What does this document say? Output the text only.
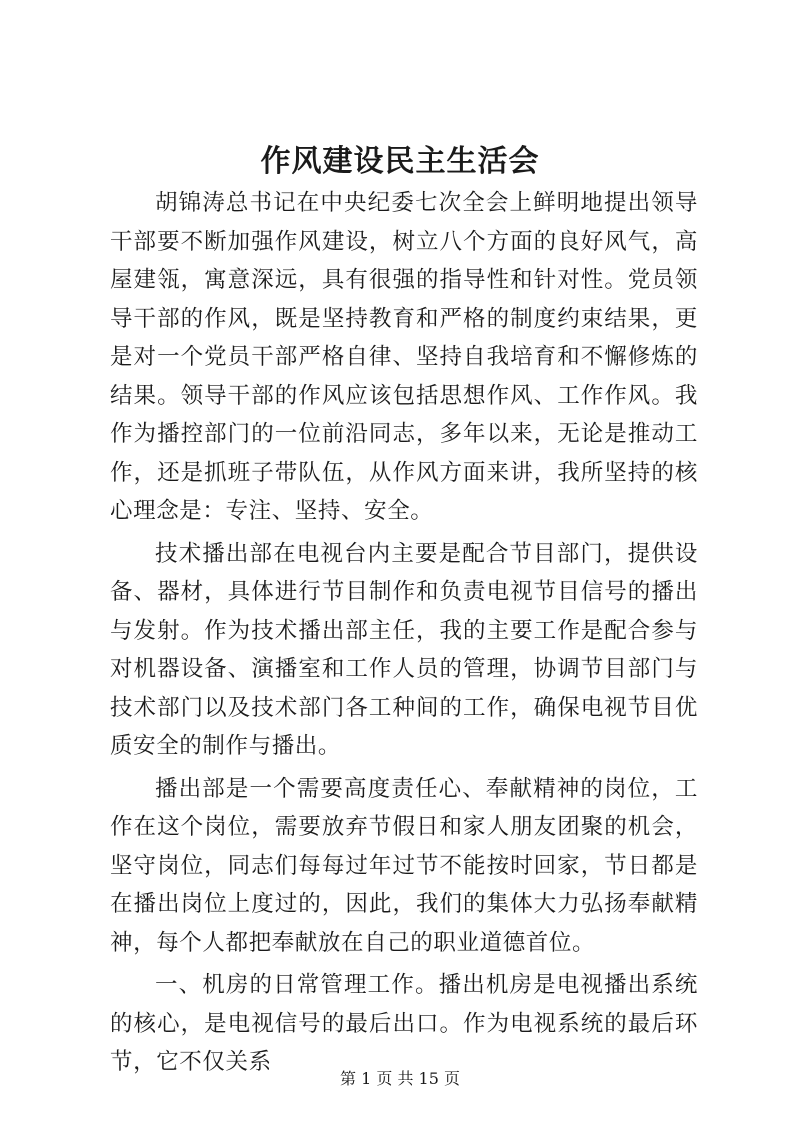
作风建设民主生活会

胡锦涛总书记在中央纪委七次全会上鲜明地提出领导干部要不断加强作风建设，树立八个方面的良好风气，高屋建瓴，寓意深远，具有很强的指导性和针对性。党员领导干部的作风，既是坚持教育和严格的制度约束结果，更是对一个党员干部严格自律、坚持自我培育和不懈修炼的结果。领导干部的作风应该包括思想作风、工作作风。我作为播控部门的一位前沿同志，多年以来，无论是推动工作，还是抓班子带队伍，从作风方面来讲，我所坚持的核心理念是：专注、坚持、安全。

技术播出部在电视台内主要是配合节目部门，提供设备、器材，具体进行节目制作和负责电视节目信号的播出与发射。作为技术播出部主任，我的主要工作是配合参与对机器设备、演播室和工作人员的管理，协调节目部门与技术部门以及技术部门各工种间的工作，确保电视节目优质安全的制作与播出。

播出部是一个需要高度责任心、奉献精神的岗位，工作在这个岗位，需要放弃节假日和家人朋友团聚的机会，坚守岗位，同志们每每过年过节不能按时回家，节日都是在播出岗位上度过的，因此，我们的集体大力弘扬奉献精神，每个人都把奉献放在自己的职业道德首位。

一、机房的日常管理工作。播出机房是电视播出系统的核心，是电视信号的最后出口。作为电视系统的最后环节，它不仅关系

第 1 页 共 15 页
